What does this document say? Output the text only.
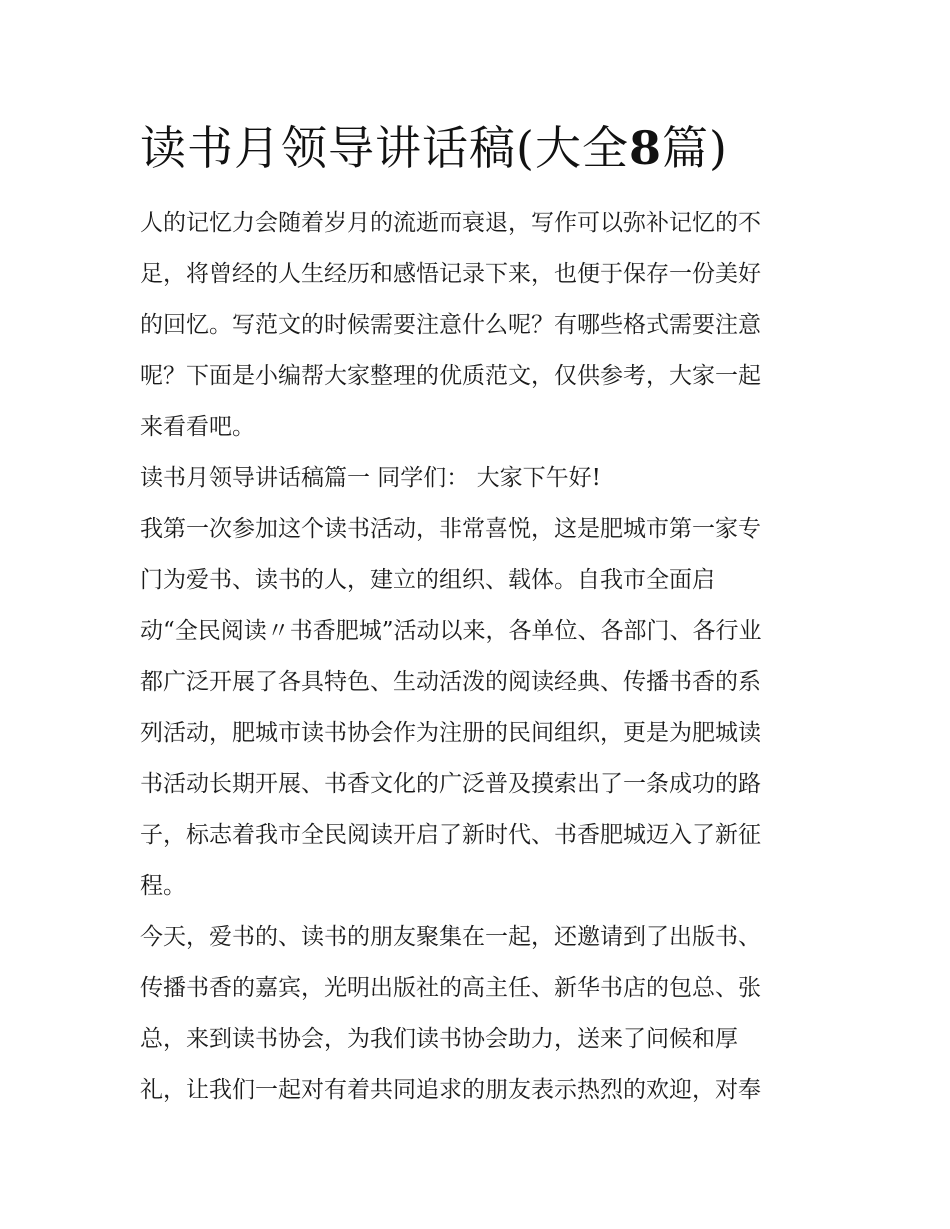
读书月领导讲话稿(大全8篇)
人的记忆力会随着岁月的流逝而衰退，写作可以弥补记忆的不
足，将曾经的人生经历和感悟记录下来，也便于保存一份美好
的回忆。写范文的时候需要注意什么呢？有哪些格式需要注意
呢？下面是小编帮大家整理的优质范文，仅供参考，大家一起
来看看吧。
读书月领导讲话稿篇一 同学们： 大家下午好!
我第一次参加这个读书活动，非常喜悦，这是肥城市第一家专
门为爱书、读书的人，建立的组织、载体。自我市全面启
动“全民阅读〃书香肥城”活动以来，各单位、各部门、各行业
都广泛开展了各具特色、生动活泼的阅读经典、传播书香的系
列活动，肥城市读书协会作为注册的民间组织，更是为肥城读
书活动长期开展、书香文化的广泛普及摸索出了一条成功的路
子，标志着我市全民阅读开启了新时代、书香肥城迈入了新征
程。
今天，爱书的、读书的朋友聚集在一起，还邀请到了出版书、
传播书香的嘉宾，光明出版社的高主任、新华书店的包总、张
总，来到读书协会，为我们读书协会助力，送来了问候和厚
礼，让我们一起对有着共同追求的朋友表示热烈的欢迎，对奉
